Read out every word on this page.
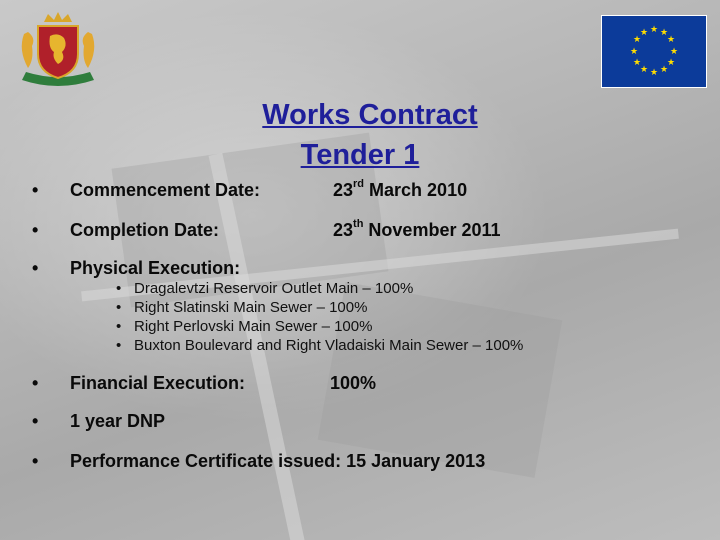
★ ★
★
★
★
★
★
★
★
★
★
★
Works Contract
Tender 1
• Commencement Date:	23rd March 2010
• Completion Date:	23th November 2011
• Physical Execution:
• Dragalevtzi Reservoir Outlet Main – 100%
• Right Slatinski Main Sewer – 100%
• Right Perlovski Main Sewer – 100%
• Buxton Boulevard and Right Vladaiski Main Sewer – 100%
• Financial Execution:	100%
• 1 year DNP
• Performance Certificate issued: 15 January 2013
